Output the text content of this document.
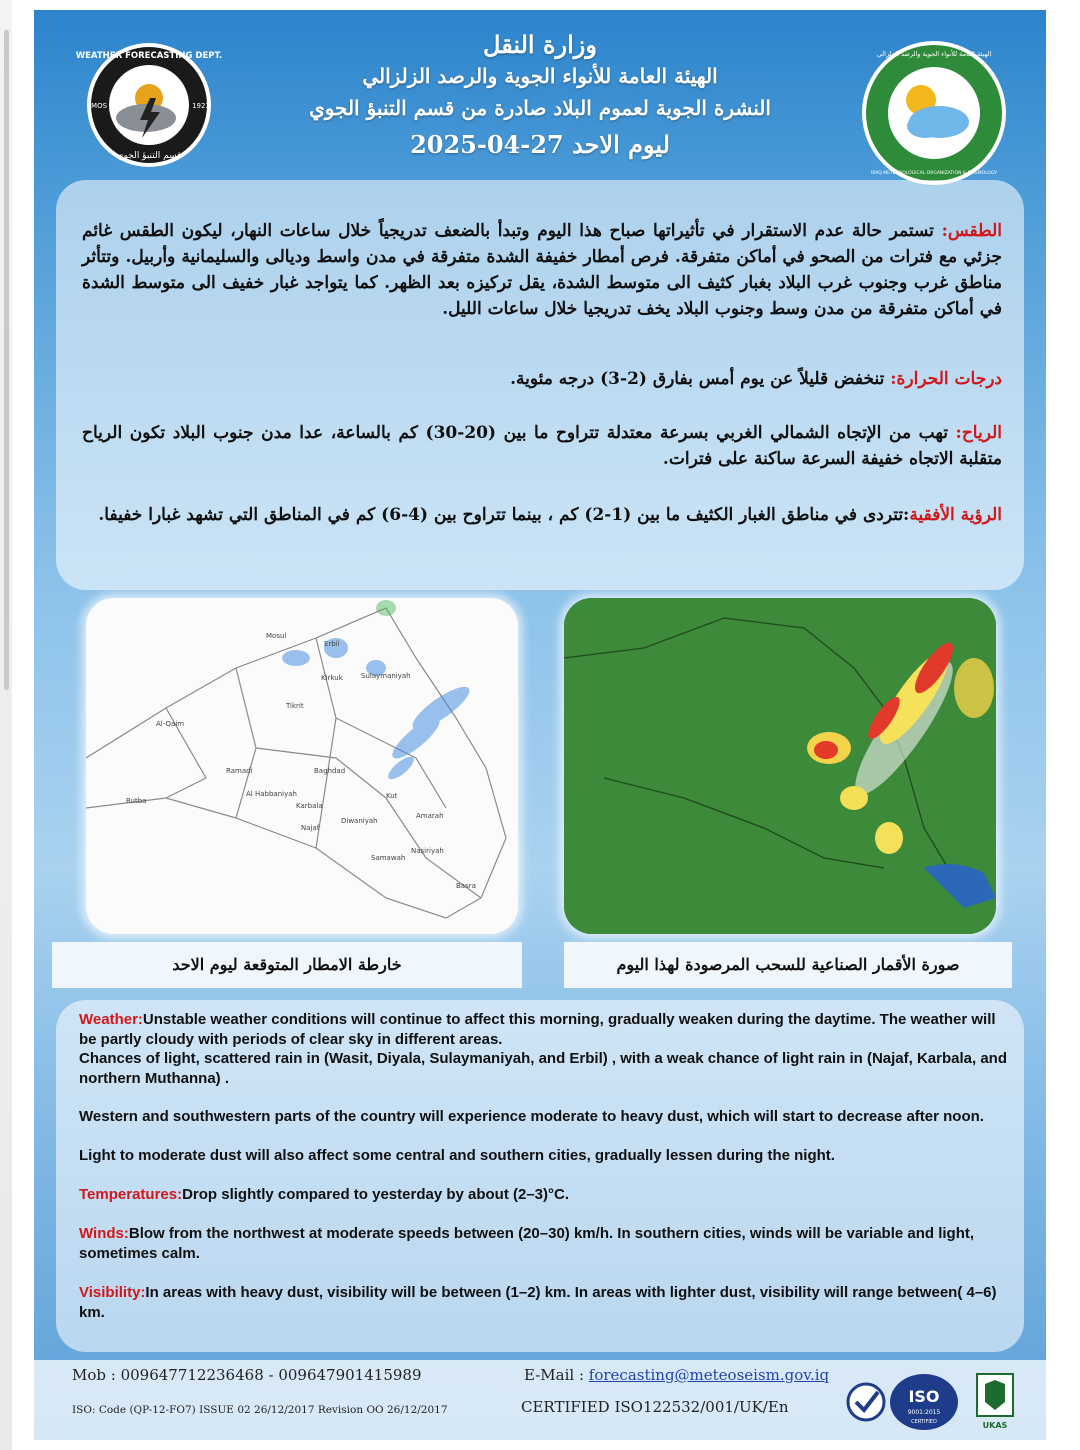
WEATHER FORECASTING DEPT.
IMOS	1923
قسم التنبؤ الجوي
وزارة النقل
الهيئة العامة للأنواء الجوية والرصد الزلزالي
النشرة الجوية لعموم البلاد صادرة من قسم التنبؤ الجوي
ليوم الاحد 27-04-2025
الهيئة العامة للأنواء الجوية والرصد الزلزالي
IRAQ METEOROLOGICAL ORGANIZATION & SEISMOLOGY
الطقس: تستمر حالة عدم الاستقرار في تأثيراتها صباح هذا اليوم وتبدأ بالضعف تدريجياً خلال ساعات النهار، ليكون الطقس غائم جزئي مع فترات من الصحو في أماكن متفرقة. فرص أمطار خفيفة الشدة متفرقة في مدن واسط وديالى والسليمانية وأربيل. وتتأثر مناطق غرب وجنوب غرب البلاد بغبار كثيف الى متوسط الشدة، يقل تركيزه بعد الظهر. كما يتواجد غبار خفيف الى متوسط الشدة في أماكن متفرقة من مدن وسط وجنوب البلاد يخف تدريجيا خلال ساعات الليل.
درجات الحرارة: تنخفض قليلاً عن يوم أمس بفارق (2-3) درجه مئوية.
الرياح: تهب من الإتجاه الشمالي الغربي بسرعة معتدلة تتراوح ما بين (20-30) كم بالساعة، عدا مدن جنوب البلاد تكون الرياح متقلبة الاتجاه خفيفة السرعة ساكنة على فترات.
الرؤية الأفقية:تتردى في مناطق الغبار الكثيف ما بين (1-2) كم ، بينما تتراوح بين (4-6) كم في المناطق التي تشهد غبارا خفيفا.
Al-Qaim
Ramadi	Baghdad
Sulaymaniyah
Kirkuk
Mosul
Erbil
Karbala
Najaf
Kut
Basra
Amarah
Nasiriyah
Samawah
Rutba
Al Habbaniyah
Tikrit
Diwaniyah
خارطة الامطار المتوقعة ليوم الاحد	صورة الأقمار الصناعية للسحب المرصودة لهذا اليوم
Weather:Unstable weather conditions will continue to affect this morning, gradually weaken during the daytime. The weather will be partly cloudy with periods of clear sky in different areas.
Chances of light, scattered rain in (Wasit, Diyala, Sulaymaniyah, and Erbil) , with a weak chance of light rain in (Najaf, Karbala, and northern Muthanna) .
Western and southwestern parts of the country will experience moderate to heavy dust, which will start to decrease after noon.
Light to moderate dust will also affect some central and southern cities, gradually lessen during the night.
Temperatures:Drop slightly compared to yesterday by about (2–3)°C.
Winds:Blow from the northwest at moderate speeds between (20–30) km/h. In southern cities, winds will be variable and light, sometimes calm.
Visibility:In areas with heavy dust, visibility will be between (1–2) km. In areas with lighter dust, visibility will range between( 4–6) km.
Mob : 009647712236468 - 009647901415989	E-Mail : forecasting@meteoseism.gov.iq
ISO: Code (QP-12-FO7) ISSUE 02 26/12/2017 Revision OO 26/12/2017	CERTIFIED ISO122532/001/UK/En
ISO
9001:2015
CERTIFIED	UKAS
